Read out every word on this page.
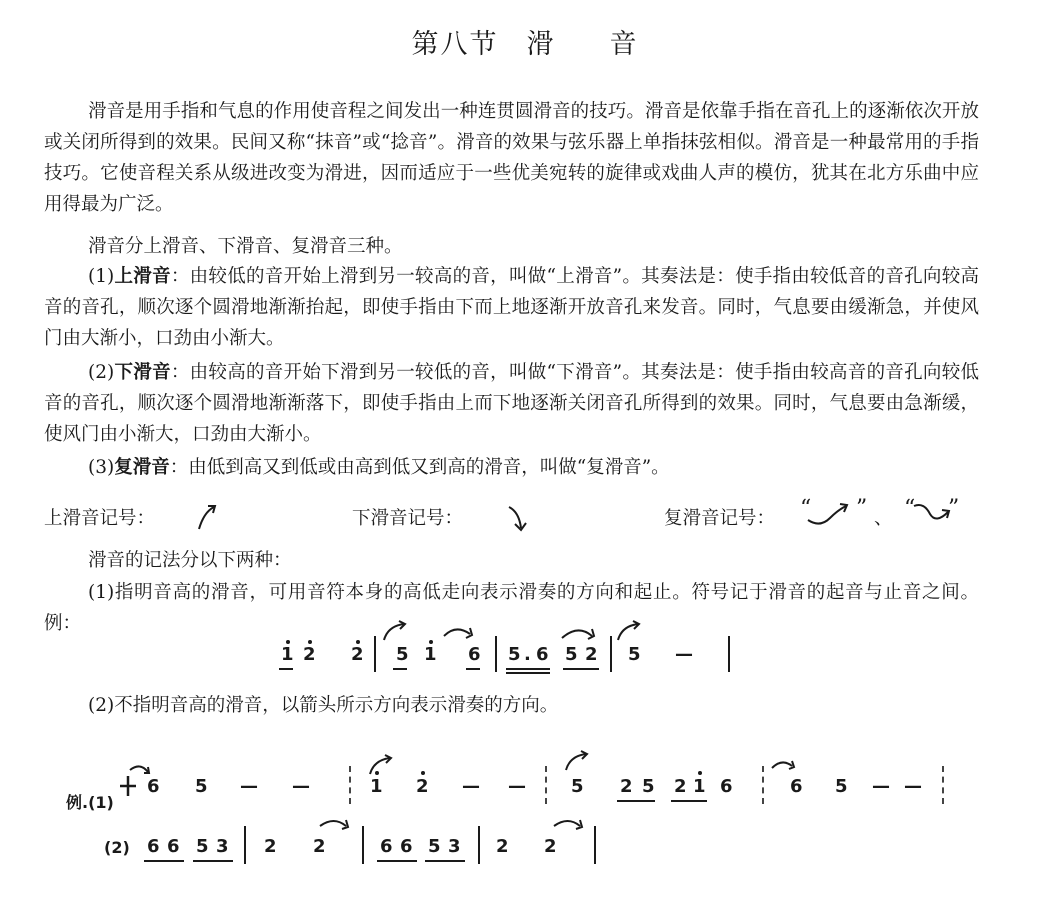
第八节 滑 音
滑音是用手指和气息的作用使音程之间发出一种连贯圆滑音的技巧。滑音是依靠手指在音孔上的逐渐依次开放或关闭所得到的效果。民间又称“抹音”或“捻音”。滑音的效果与弦乐器上单指抹弦相似。滑音是一种最常用的手指技巧。它使音程关系从级进改变为滑进，因而适应于一些优美宛转的旋律或戏曲人声的模仿，犹其在北方乐曲中应用得最为广泛。
滑音分上滑音、下滑音、复滑音三种。
(1)上滑音：由较低的音开始上滑到另一较高的音，叫做“上滑音”。其奏法是：使手指由较低音的音孔向较高音的音孔，顺次逐个圆滑地渐渐抬起，即使手指由下而上地逐渐开放音孔来发音。同时，气息要由缓渐急，并使风门由大渐小，口劲由小渐大。
(2)下滑音：由较高的音开始下滑到另一较低的音，叫做“下滑音”。其奏法是：使手指由较高音的音孔向较低音的音孔，顺次逐个圆滑地渐渐落下，即使手指由上而下地逐渐关闭音孔所得到的效果。同时，气息要由急渐缓，使风门由小渐大，口劲由大渐小。
(3)复滑音：由低到高又到低或由高到低又到高的滑音，叫做“复滑音”。
上滑音记号：	下滑音记号：	复滑音记号： “ ” 、 “ ”
滑音的记法分以下两种：
(1)指明音高的滑音，可用音符本身的高低走向表示滑奏的方向和起止。符号记于滑音的起音与止音之间。例：
1 2 2 5 1 6 5 . 6 5 2 5 —
(2)不指明音高的滑音，以箭头所示方向表示滑奏的方向。
例.(1)
6 5 — —	1 2 — —	5 2 5 2 1 6	6 5 — —
(2) 6 6 5 3 2 2	6 6 5 3 2 2
